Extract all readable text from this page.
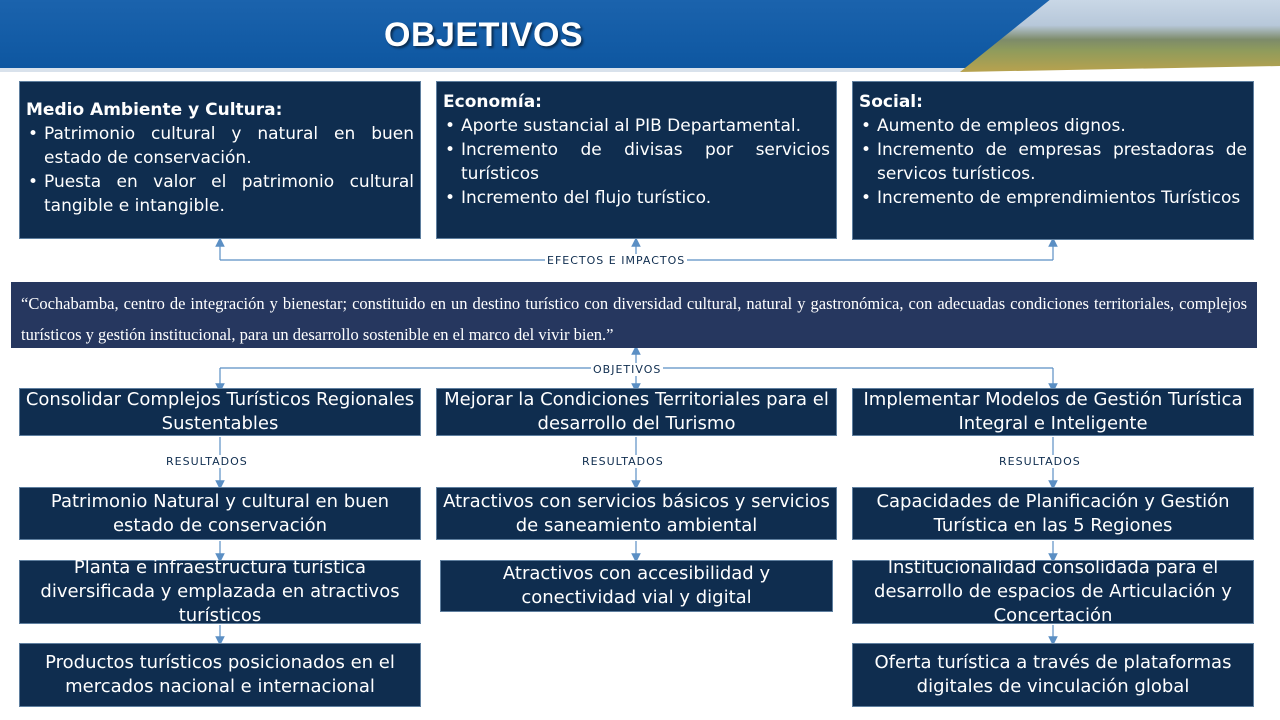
OBJETIVOS
Medio Ambiente y Cultura:
• Patrimonio cultural y natural en buen estado de conservación.
• Puesta en valor el patrimonio cultural tangible e intangible.
Economía:
• Aporte sustancial al PIB Departamental.
• Incremento de divisas por servicios turísticos
• Incremento del flujo turístico.
Social:
• Aumento de empleos dignos.
• Incremento de empresas prestadoras de servicos turísticos.
• Incremento de emprendimientos Turísticos
EFECTOS E IMPACTOS
“Cochabamba, centro de integración y bienestar; constituido en un destino turístico con diversidad cultural, natural y gastronómica, con adecuadas condiciones territoriales, complejos turísticos y gestión institucional, para un desarrollo sostenible en el marco del vivir bien.”
OBJETIVOS
Consolidar Complejos Turísticos Regionales Sustentables
Mejorar la Condiciones Territoriales para el desarrollo del Turismo
Implementar Modelos de Gestión Turística Integral e Inteligente
RESULTADOS	RESULTADOS	RESULTADOS
Patrimonio Natural y cultural en buen estado de conservación
Planta e infraestructura turística diversificada y emplazada en atractivos turísticos
Productos turísticos posicionados en el mercados nacional e internacional
Atractivos con servicios básicos y servicios de saneamiento ambiental
Atractivos con accesibilidad y conectividad vial y digital
Capacidades de Planificación y Gestión Turística en las 5 Regiones
Institucionalidad consolidada para el desarrollo de espacios de Articulación y Concertación
Oferta turística a través de plataformas digitales de vinculación global
